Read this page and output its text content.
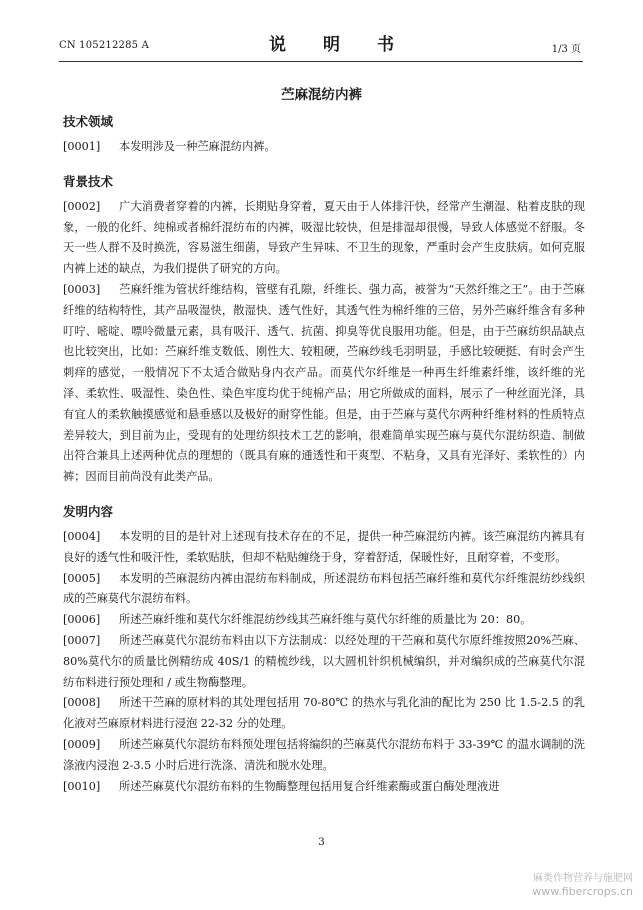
CN 105212285 A	说　明　书	1/3 页
苎麻混纺内裤
技术领域
[0001] 本发明涉及一种苎麻混纺内裤。
背景技术
[0002] 广大消费者穿着的内裤，长期贴身穿着，夏天由于人体排汗快，经常产生潮湿、粘着皮肤的现象，一般的化纤、纯棉或者棉纤混纺布的内裤，吸湿比较快，但是排湿却很慢，导致人体感觉不舒服。冬天一些人群不及时换洗，容易滋生细菌，导致产生异味、不卫生的现象，严重时会产生皮肤病。如何克服内裤上述的缺点，为我们提供了研究的方向。
[0003] 苎麻纤维为管状纤维结构，管壁有孔隙，纤维长、强力高，被誉为“天然纤维之王”。由于苎麻纤维的结构特性，其产品吸湿快，散湿快、透气性好，其透气性为棉纤维的三倍，另外苎麻纤维含有多种叮咛、嘧啶、嘌呤微量元素，具有吸汗、透气、抗菌、抑臭等优良服用功能。但是，由于苎麻纺织品缺点也比较突出，比如：苎麻纤维支数低、刚性大、较粗硬，苎麻纱线毛羽明显，手感比较硬挺、有时会产生刺痒的感觉，一般情况下不太适合做贴身内衣产品。而莫代尔纤维是一种再生纤维素纤维，该纤维的光泽、柔软性、吸湿性、染色性、染色牢度均优于纯棉产品；用它所做成的面料，展示了一种丝面光泽，具有宜人的柔软触摸感觉和悬垂感以及极好的耐穿性能。但是，由于苎麻与莫代尔两种纤维材料的性质特点差异较大，到目前为止，受现有的处理纺织技术工艺的影响，很难简单实现苎麻与莫代尔混纺织造、制做出符合兼具上述两种优点的理想的（既具有麻的通透性和干爽型、不粘身，又具有光泽好、柔软性的）内裤；因而目前尚没有此类产品。
发明内容
[0004] 本发明的目的是针对上述现有技术存在的不足，提供一种苎麻混纺内裤。该苎麻混纺内裤具有良好的透气性和吸汗性，柔软贴肤，但却不粘贴缠绕于身，穿着舒适，保暖性好，且耐穿着，不变形。
[0005] 本发明的苎麻混纺内裤由混纺布料制成，所述混纺布料包括苎麻纤维和莫代尔纤维混纺纱线织成的苎麻莫代尔混纺布料。
[0006] 所述苎麻纤维和莫代尔纤维混纺纱线其苎麻纤维与莫代尔纤维的质量比为 20：80。
[0007] 所述苎麻莫代尔混纺布料由以下方法制成：以经处理的干苎麻和莫代尔原纤维按照20%苎麻、80%莫代尔的质量比例精纺成 40S/1 的精梳纱线，以大圆机针织机械编织，并对编织成的苎麻莫代尔混纺布料进行预处理和 / 或生物酶整理。
[0008] 所述干苎麻的原材料的其处理包括用 70-80℃ 的热水与乳化油的配比为 250 比 1.5-2.5 的乳化液对苎麻原材料进行浸泡 22-32 分的处理。
[0009] 所述苎麻莫代尔混纺布料预处理包括将编织的苎麻莫代尔混纺布料于 33-39℃ 的温水调制的洗涤液内浸泡 2-3.5 小时后进行洗涤、清洗和脱水处理。
[0010] 所述苎麻莫代尔混纺布料的生物酶整理包括用复合纤维素酶或蛋白酶处理液进
3
麻类作物营养与施肥网
www.fibercrops.cn
